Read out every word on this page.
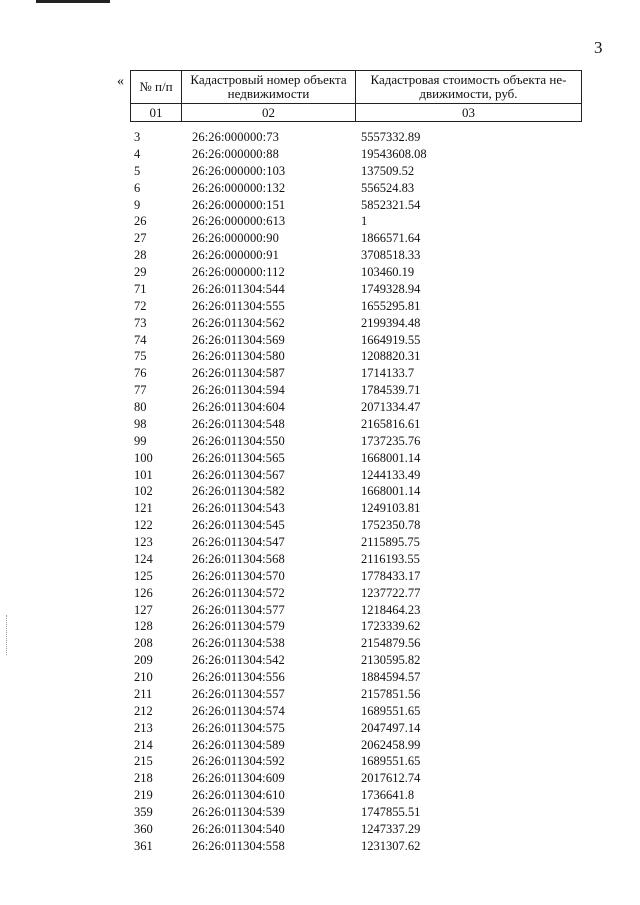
3
« № п/п	Кадастровый номер объекта недвижимости	Кадастровая стоимость объекта не-движимости, руб.
01	02	03
3	26:26:000000:73	5557332.89
4	26:26:000000:88	19543608.08
5	26:26:000000:103	137509.52
6	26:26:000000:132	556524.83
9	26:26:000000:151	5852321.54
26	26:26:000000:613	1
27	26:26:000000:90	1866571.64
28	26:26:000000:91	3708518.33
29	26:26:000000:112	103460.19
71	26:26:011304:544	1749328.94
72	26:26:011304:555	1655295.81
73	26:26:011304:562	2199394.48
74	26:26:011304:569	1664919.55
75	26:26:011304:580	1208820.31
76	26:26:011304:587	1714133.7
77	26:26:011304:594	1784539.71
80	26:26:011304:604	2071334.47
98	26:26:011304:548	2165816.61
99	26:26:011304:550	1737235.76
100	26:26:011304:565	1668001.14
101	26:26:011304:567	1244133.49
102	26:26:011304:582	1668001.14
121	26:26:011304:543	1249103.81
122	26:26:011304:545	1752350.78
123	26:26:011304:547	2115895.75
124	26:26:011304:568	2116193.55
125	26:26:011304:570	1778433.17
126	26:26:011304:572	1237722.77
127	26:26:011304:577	1218464.23
128	26:26:011304:579	1723339.62
208	26:26:011304:538	2154879.56
209	26:26:011304:542	2130595.82
210	26:26:011304:556	1884594.57
211	26:26:011304:557	2157851.56
212	26:26:011304:574	1689551.65
213	26:26:011304:575	2047497.14
214	26:26:011304:589	2062458.99
215	26:26:011304:592	1689551.65
218	26:26:011304:609	2017612.74
219	26:26:011304:610	1736641.8
359	26:26:011304:539	1747855.51
360	26:26:011304:540	1247337.29
361	26:26:011304:558	1231307.62
